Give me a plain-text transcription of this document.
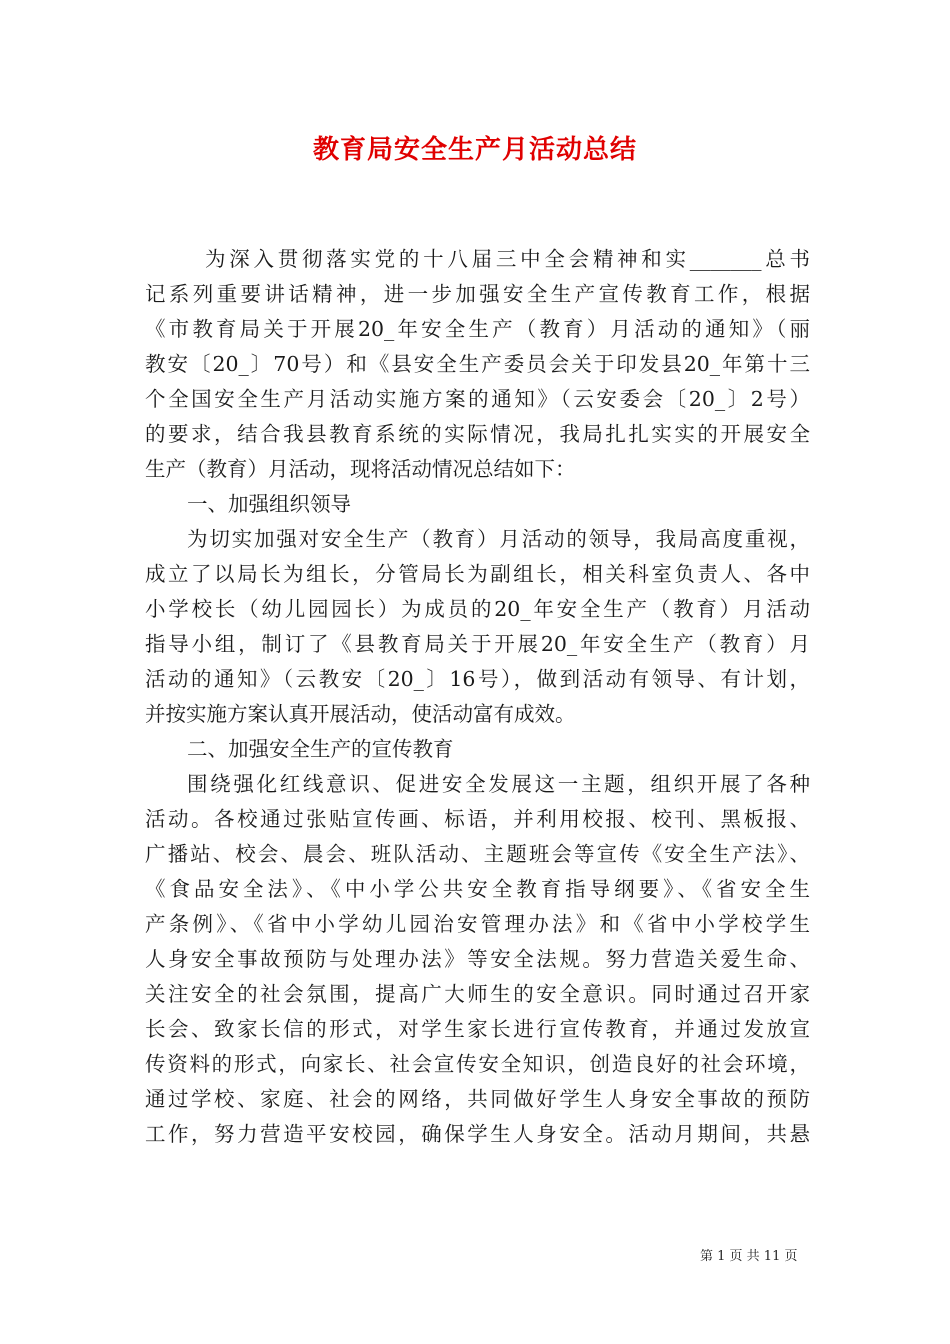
教育局安全生产月活动总结
为深入贯彻落实党的十八届三中全会精神和实_______总书
记系列重要讲话精神，进一步加强安全生产宣传教育工作，根据
《市教育局关于开展20_年安全生产（教育）月活动的通知》（丽
教安〔20_〕70号）和《县安全生产委员会关于印发县20_年第十三
个全国安全生产月活动实施方案的通知》（云安委会〔20_〕2号）
的要求，结合我县教育系统的实际情况，我局扎扎实实的开展安全
生产（教育）月活动，现将活动情况总结如下：
一、加强组织领导
为切实加强对安全生产（教育）月活动的领导，我局高度重视，
成立了以局长为组长，分管局长为副组长，相关科室负责人、各中
小学校长（幼儿园园长）为成员的20_年安全生产（教育）月活动
指导小组，制订了《县教育局关于开展20_年安全生产（教育）月
活动的通知》（云教安〔20_〕16号），做到活动有领导、有计划，
并按实施方案认真开展活动，使活动富有成效。
二、加强安全生产的宣传教育
围绕强化红线意识、促进安全发展这一主题，组织开展了各种
活动。各校通过张贴宣传画、标语，并利用校报、校刊、黑板报、
广播站、校会、晨会、班队活动、主题班会等宣传《安全生产法》、
《食品安全法》、《中小学公共安全教育指导纲要》、《省安全生
产条例》、《省中小学幼儿园治安管理办法》和《省中小学校学生
人身安全事故预防与处理办法》等安全法规。努力营造关爱生命、
关注安全的社会氛围，提高广大师生的安全意识。同时通过召开家
长会、致家长信的形式，对学生家长进行宣传教育，并通过发放宣
传资料的形式，向家长、社会宣传安全知识，创造良好的社会环境，
通过学校、家庭、社会的网络，共同做好学生人身安全事故的预防
工作，努力营造平安校园，确保学生人身安全。活动月期间，共悬
第 1 页 共 11 页
